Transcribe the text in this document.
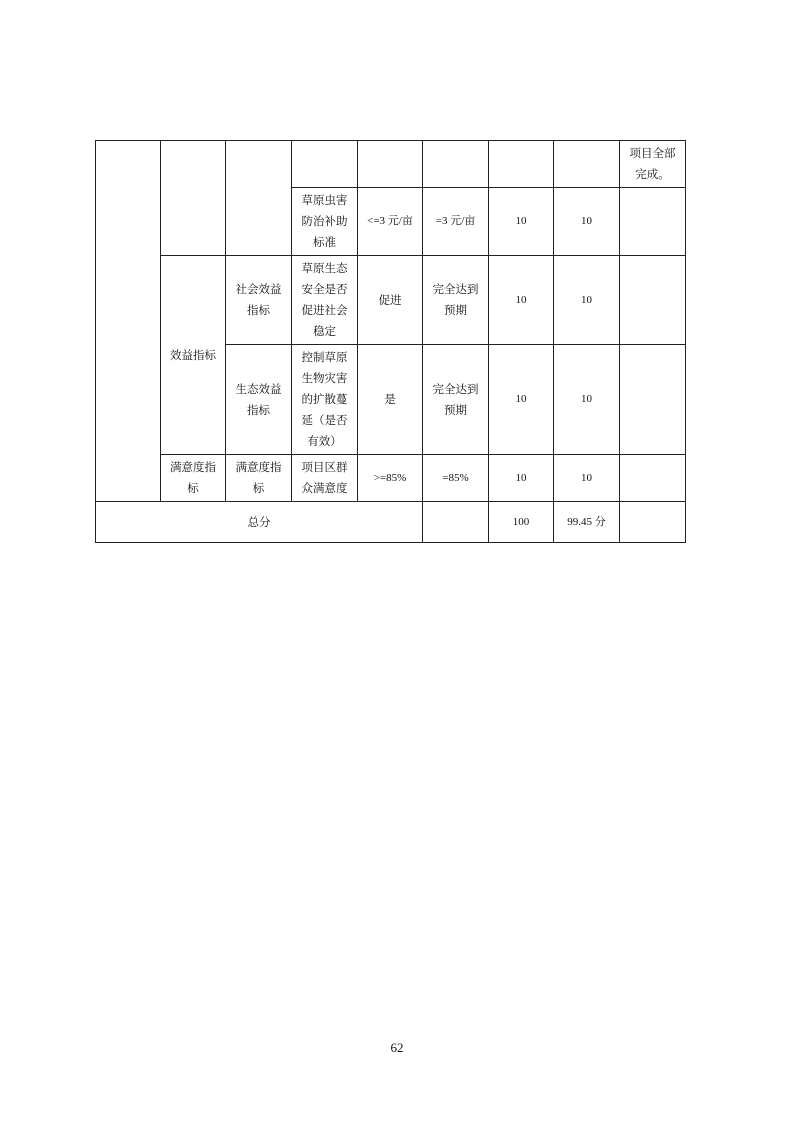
								项目全部完成。
			草原虫害防治补助标准	<=3 元/亩	=3 元/亩	10	10	
	效益指标	社会效益指标	草原生态安全是否促进社会稳定	促进	完全达到预期	10	10	
		生态效益指标	控制草原生物灾害的扩散蔓延（是否有效）	是	完全达到预期	10	10	
	满意度指标	满意度指标	项目区群众满意度	>=85%	=85%	10	10	
总分						100	99.45 分	
62
